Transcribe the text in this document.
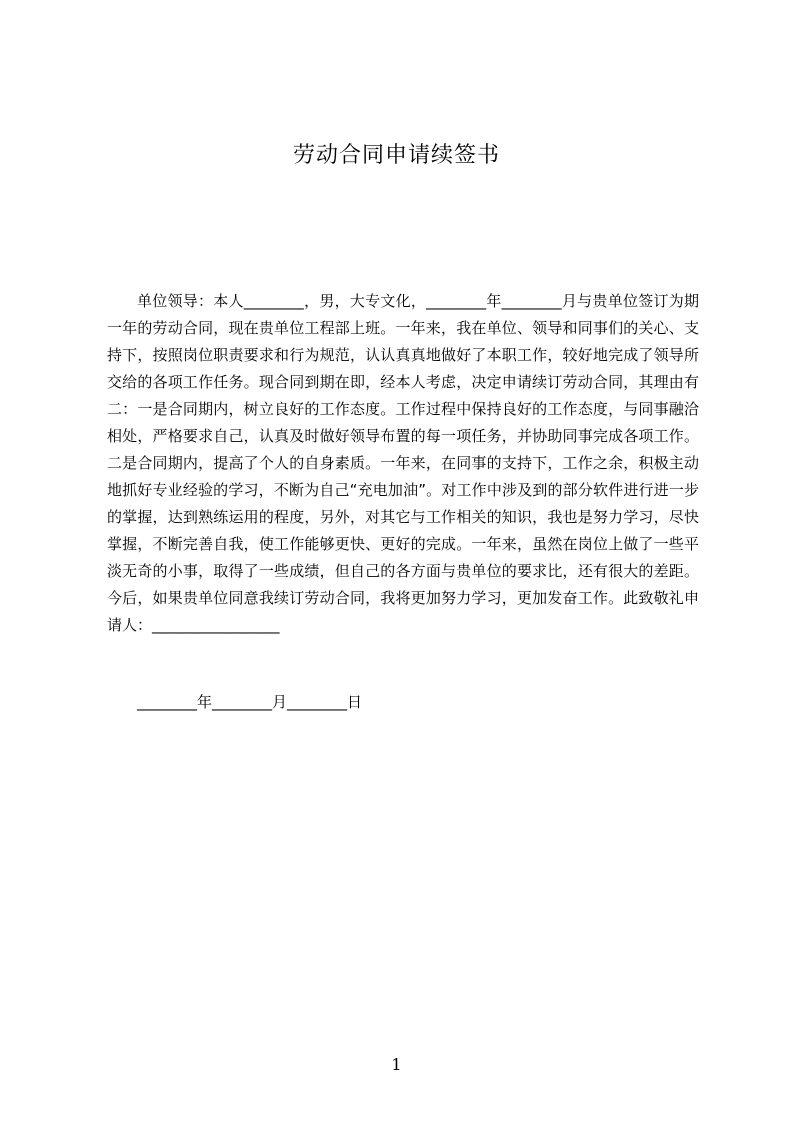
劳动合同申请续签书
单位领导：本人________，男，大专文化，________年________月与贵单位签订为期一年的劳动合同，现在贵单位工程部上班。一年来，我在单位、领导和同事们的关心、支持下，按照岗位职责要求和行为规范，认认真真地做好了本职工作，较好地完成了领导所交给的各项工作任务。现合同到期在即，经本人考虑，决定申请续订劳动合同，其理由有二：一是合同期内，树立良好的工作态度。工作过程中保持良好的工作态度，与同事融洽相处，严格要求自己，认真及时做好领导布置的每一项任务，并协助同事完成各项工作。二是合同期内，提高了个人的自身素质。一年来，在同事的支持下，工作之余，积极主动地抓好专业经验的学习，不断为自己“充电加油”。对工作中涉及到的部分软件进行进一步的掌握，达到熟练运用的程度，另外，对其它与工作相关的知识，我也是努力学习，尽快掌握，不断完善自我，使工作能够更快、更好的完成。一年来，虽然在岗位上做了一些平淡无奇的小事，取得了一些成绩，但自己的各方面与贵单位的要求比，还有很大的差距。今后，如果贵单位同意我续订劳动合同，我将更加努力学习，更加发奋工作。此致敬礼申请人：_________________
________年________月________日
1
